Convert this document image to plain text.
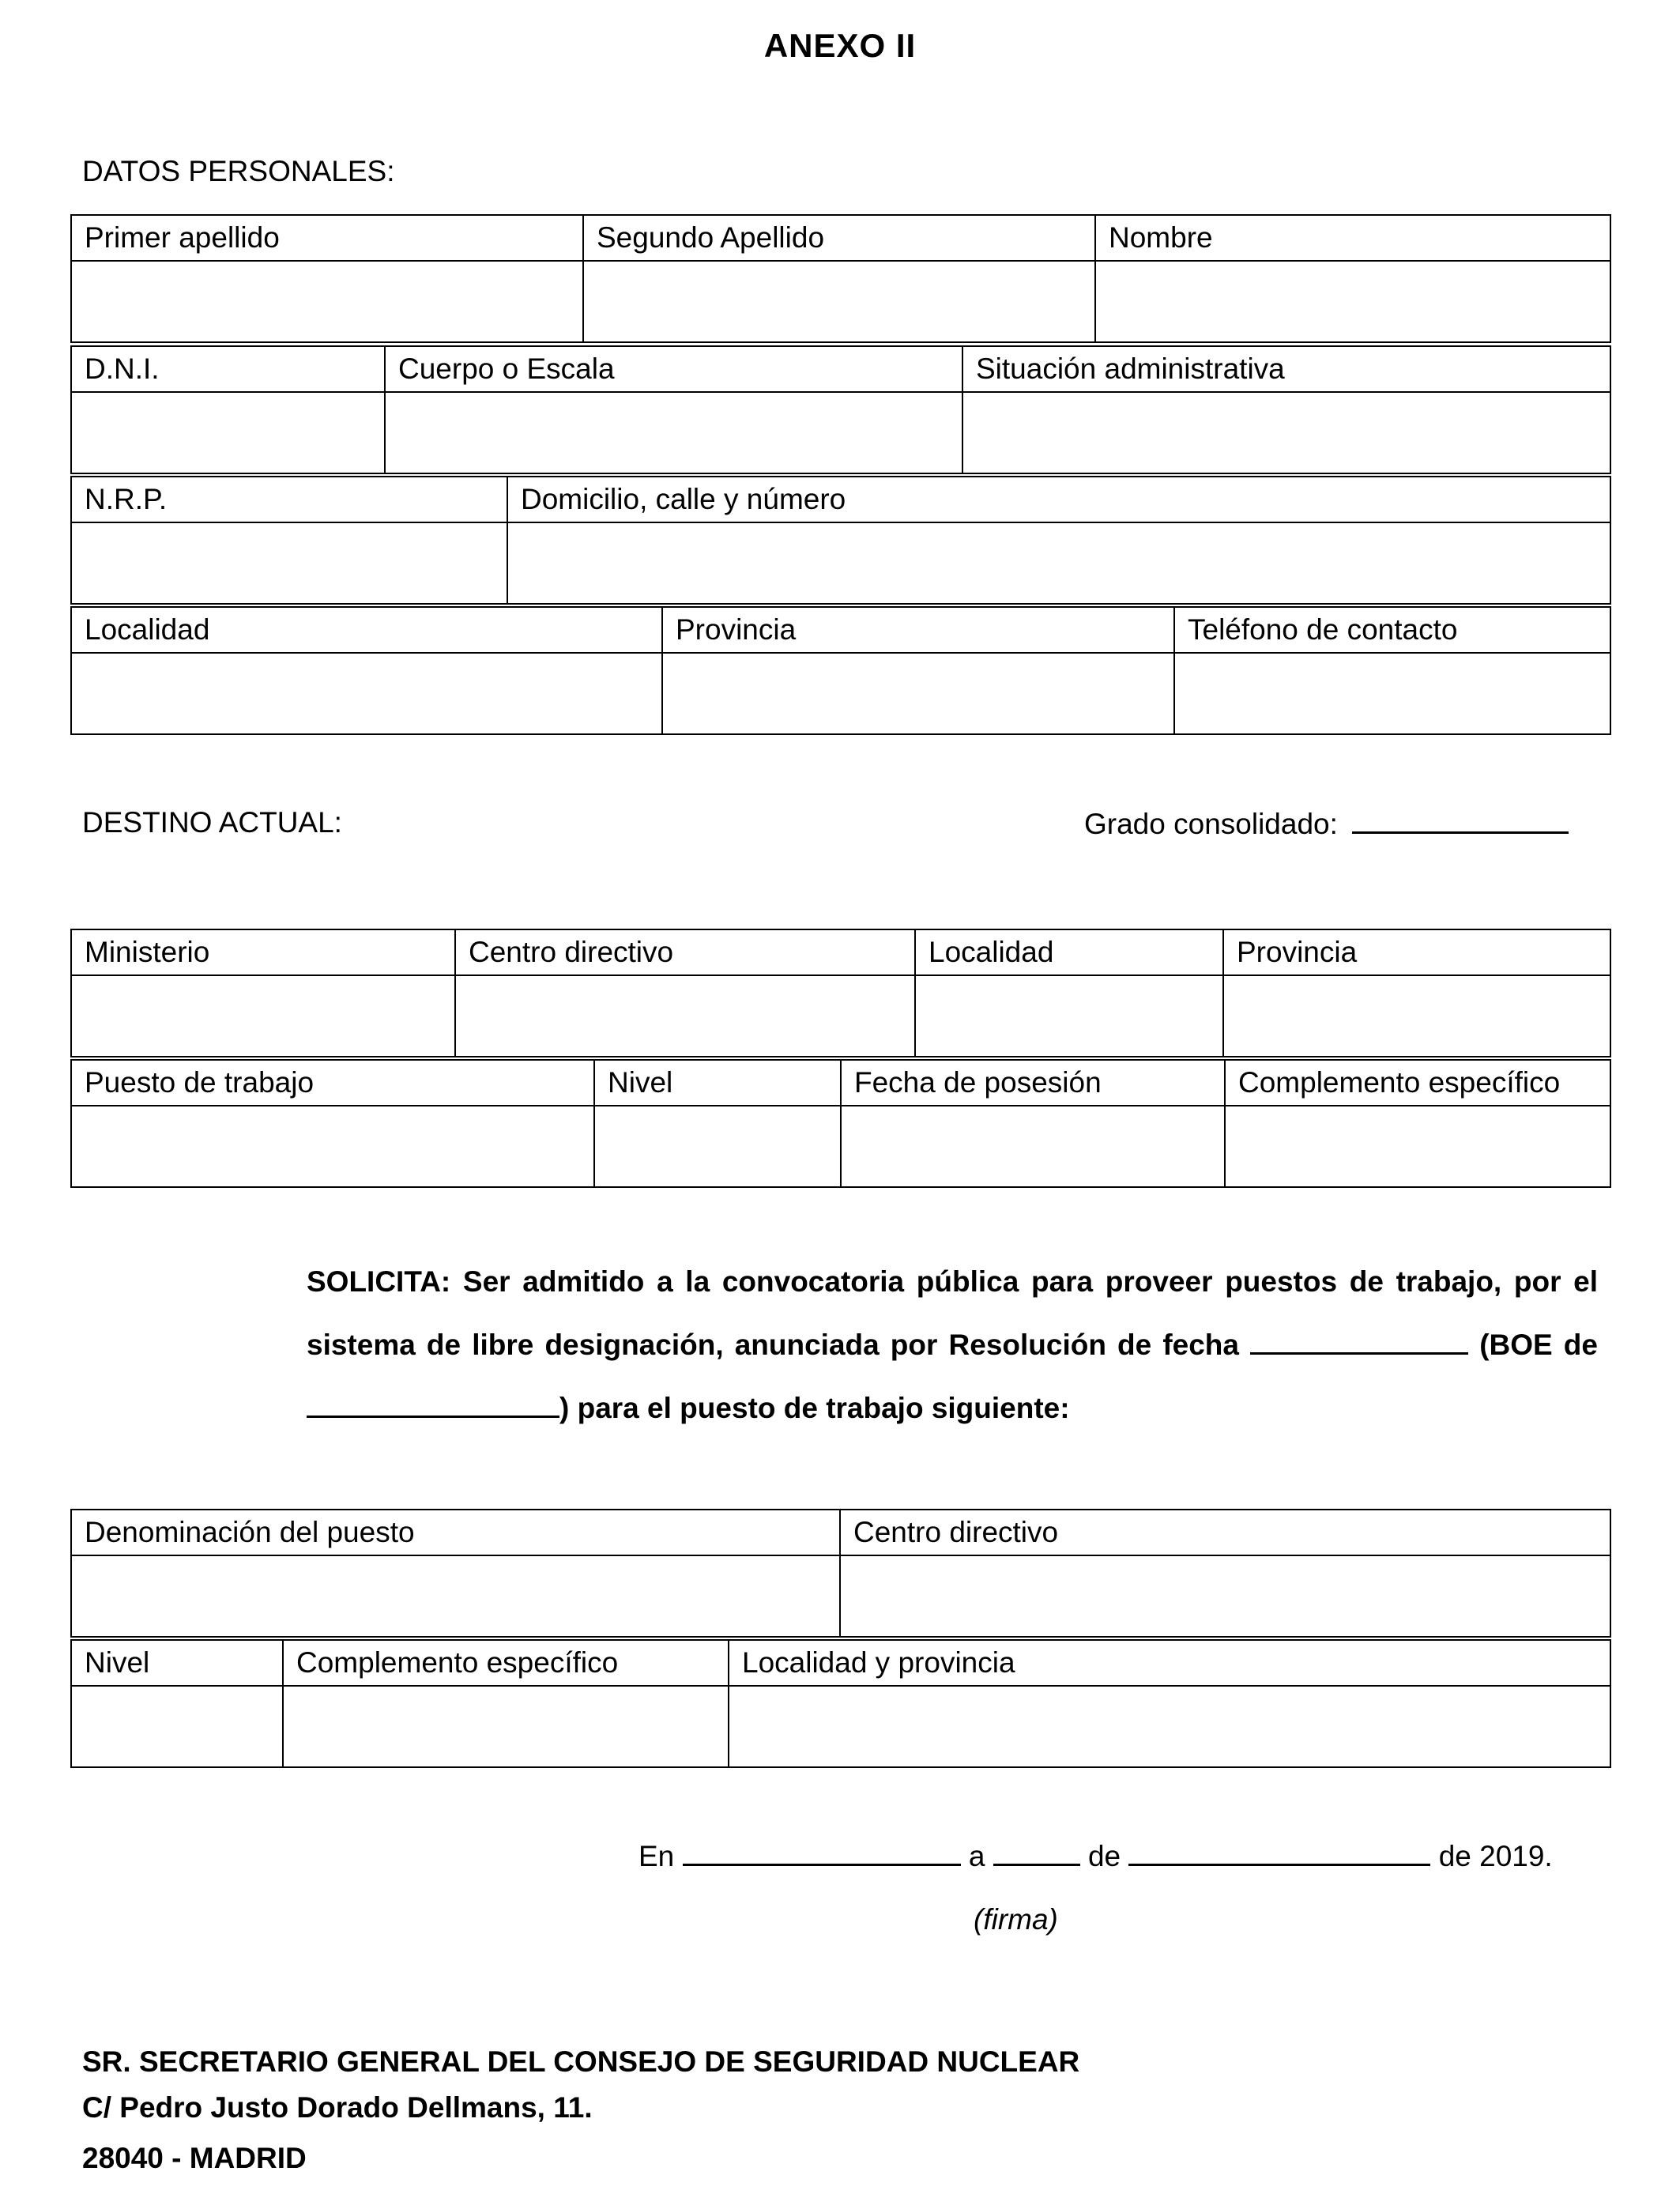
ANEXO II
DATOS PERSONALES:
Primer apellido	Segundo Apellido	Nombre

D.N.I.	Cuerpo o Escala	Situación administrativa

N.R.P.	Domicilio, calle y número

Localidad	Provincia	Teléfono de contacto

DESTINO ACTUAL:	Grado consolidado:
Ministerio	Centro directivo	Localidad	Provincia

Puesto de trabajo	Nivel	Fecha de posesión	Complemento específico

SOLICITA: Ser admitido a la convocatoria pública para proveer puestos de trabajo, por el sistema de libre designación, anunciada por Resolución de fecha	(BOE de ) para el puesto de trabajo siguiente:
Denominación del puesto	Centro directivo

Nivel	Complemento específico	Localidad y provincia

En	a	de	de 2019.
(firma)
SR. SECRETARIO GENERAL DEL CONSEJO DE SEGURIDAD NUCLEAR
C/ Pedro Justo Dorado Dellmans, 11.
28040 - MADRID
